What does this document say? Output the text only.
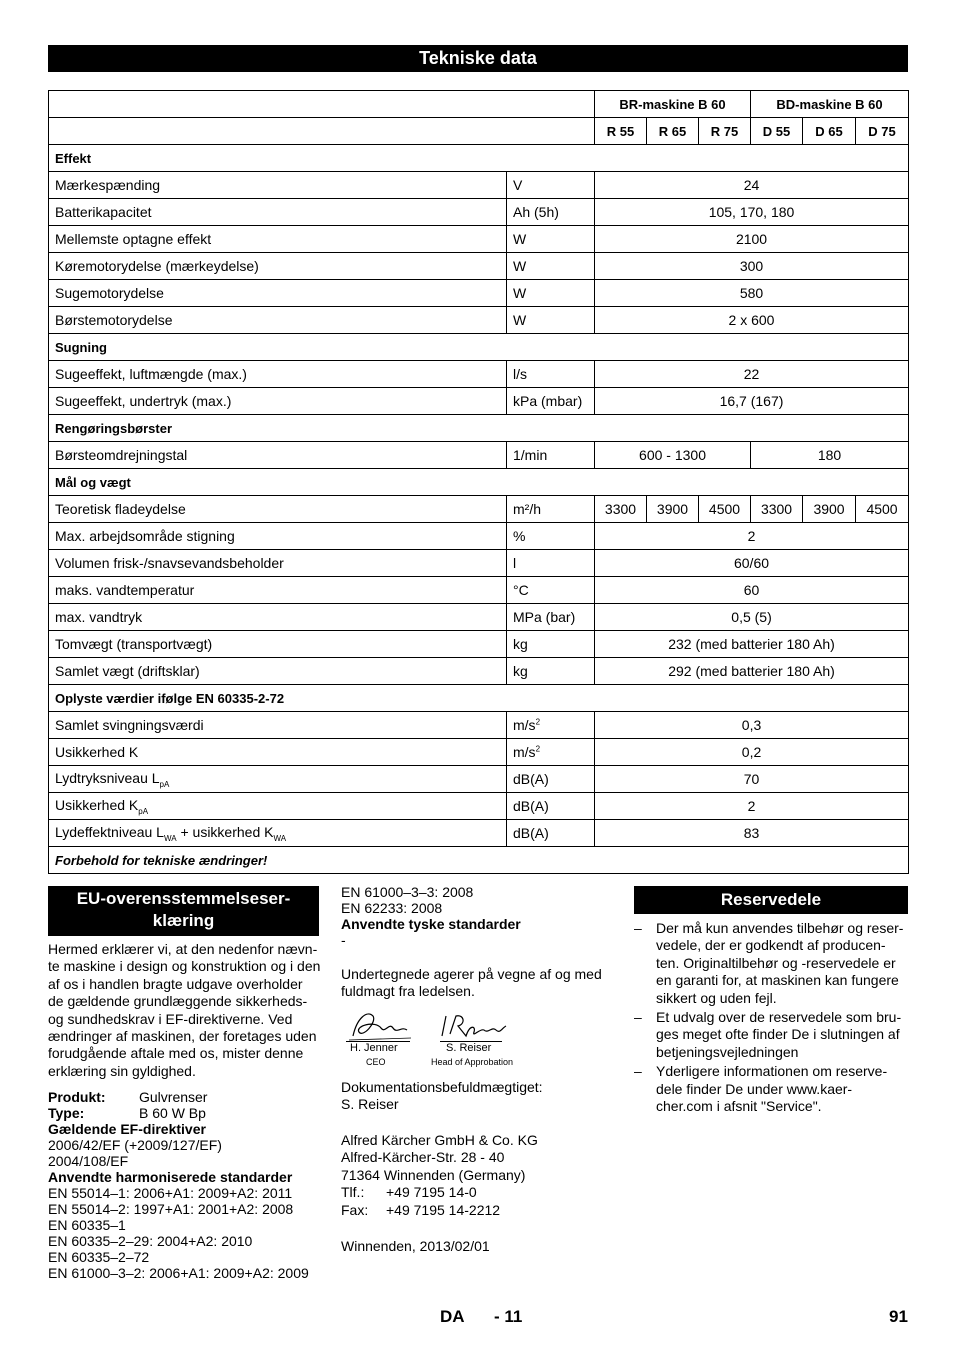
Tekniske data
		BR-maskine B 60			BD-maskine B 60		
		R 55	R 65	R 75	D 55	D 65	D 75
Effekt							
Mærkespænding	V	24					
Batterikapacitet	Ah (5h)	105, 170, 180					
Mellemste optagne effekt	W	2100					
Køremotorydelse (mærkeydelse)	W	300					
Sugemotorydelse	W	580					
Børstemotorydelse	W	2 x 600					
Sugning							
Sugeeffekt, luftmængde (max.)	l/s	22					
Sugeeffekt, undertryk (max.)	kPa (mbar)	16,7 (167)					
Rengøringsbørster							
Børsteomdrejningstal	1/min	600 - 1300			180		
Mål og vægt							
Teoretisk fladeydelse	m²/h	3300	3900	4500	3300	3900	4500
Max. arbejdsområde stigning	%	2					
Volumen frisk-/snavsevandsbeholder	l	60/60					
maks. vandtemperatur	°C	60					
max. vandtryk	MPa (bar)	0,5 (5)					
Tomvægt (transportvægt)	kg	232 (med batterier 180 Ah)					
Samlet vægt (driftsklar)	kg	292 (med batterier 180 Ah)					
Oplyste værdier ifølge EN 60335-2-72							
Samlet svingningsværdi	$m/s^2$	0,3					
Usikkerhed K	$m/s^2$	0,2					
Lydtryksniveau $L_{pA}$	dB(A)	70					
Usikkerhed $K_{pA}$	dB(A)	2					
Lydeffektniveau $L_{WA}$ + usikkerhed $K_{WA}$	dB(A)	83					
Forbehold for tekniske ændringer!							
EU-overensstemmelseser-
klæring
Hermed erklærer vi, at den nedenfor nævn-
te maskine i design og konstruktion og i den
af os i handlen bragte udgave overholder
de gældende grundlæggende sikkerheds-
og sundhedskrav i EF-direktiverne. Ved
ændringer af maskinen, der foretages uden
forudgående aftale med os, mister denne
erklæring sin gyldighed.
Produkt:	Gulvrenser
Type:	B 60 W Bp
Gældende EF-direktiver
2006/42/EF (+2009/127/EF)
2004/108/EF
Anvendte harmoniserede standarder
EN 55014–1: 2006+A1: 2009+A2: 2011
EN 55014–2: 1997+A1: 2001+A2: 2008
EN 60335–1
EN 60335–2–29: 2004+A2: 2010
EN 60335–2–72
EN 61000–3–2: 2006+A1: 2009+A2: 2009
EN 61000–3–3: 2008
EN 62233: 2008
Anvendte tyske standarder
-
Undertegnede agerer på vegne af og med
fuldmagt fra ledelsen.
H. Jenner
CEO
S. Reiser
Head of Approbation
Dokumentationsbefuldmægtiget:
S. Reiser
Alfred Kärcher GmbH & Co. KG
Alfred-Kärcher-Str. 28 - 40
71364 Winnenden (Germany)
Tlf.:	+49 7195 14-0
Fax:	+49 7195 14-2212
Winnenden, 2013/02/01
Reservedele
– Der må kun anvendes tilbehør og reser-
vedele, der er godkendt af producen-
ten. Originaltilbehør og -reservedele er
en garanti for, at maskinen kan fungere
sikkert og uden fejl.
– Et udvalg over de reservedele som bru-
ges meget ofte finder De i slutningen af
betjeningsvejledningen
– Yderligere informationen om reserve-
dele finder De under www.kaer-
cher.com i afsnit "Service".
DA - 11	91
